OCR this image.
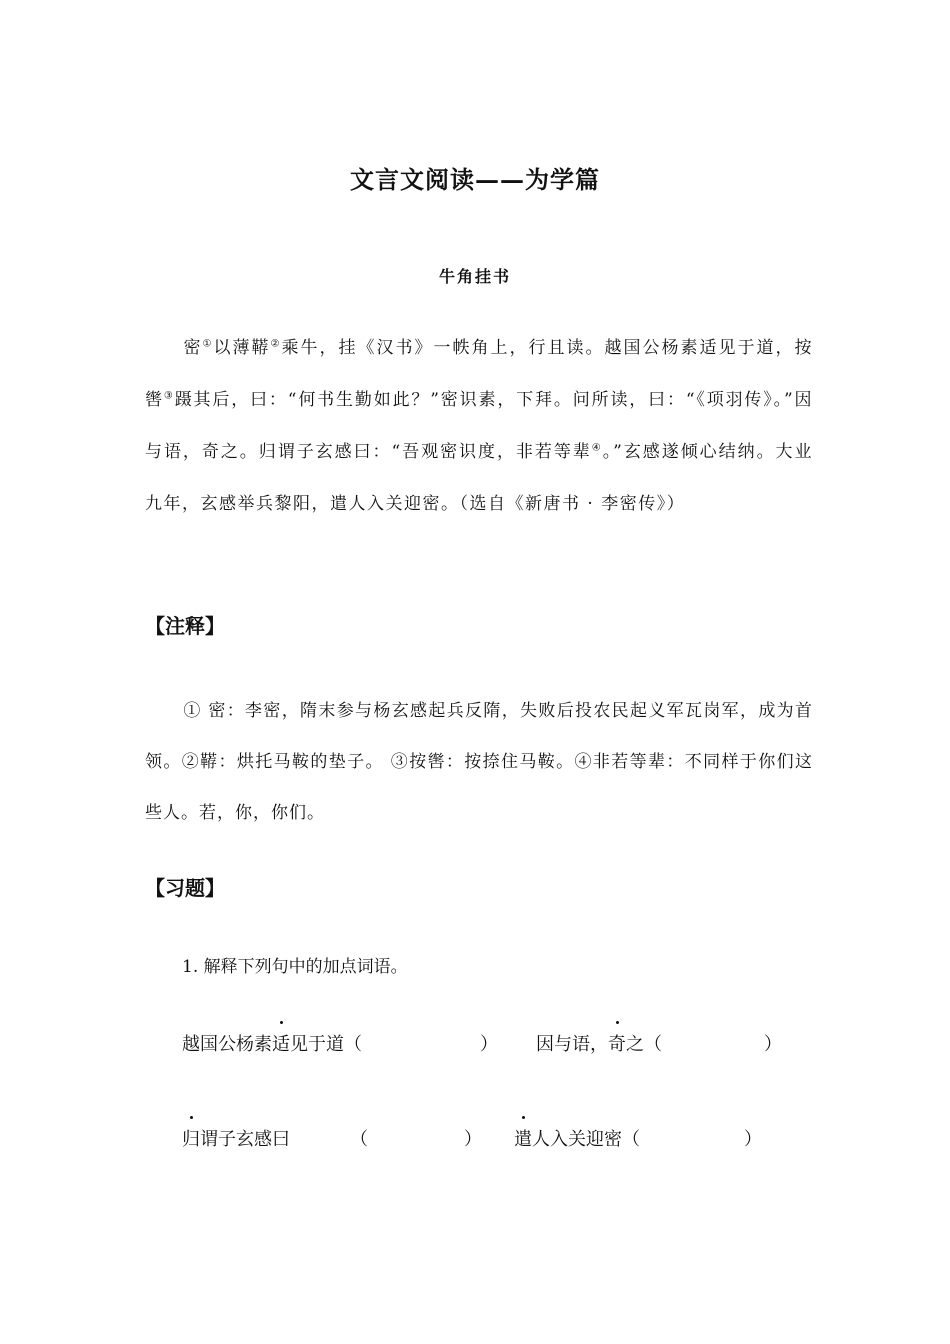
文言文阅读——为学篇
牛角挂书
密①以薄鞯②乘牛，挂《汉书》一帙角上，行且读。越国公杨素适见于道，按辔③蹑其后，曰：“何书生勤如此？”密识素，下拜。问所读，曰：“《项羽传》。”因与语，奇之。归谓子玄感曰：“吾观密识度，非若等辈④。”玄感遂倾心结纳。大业九年，玄感举兵黎阳，遣人入关迎密。（选自《新唐书 · 李密传》）
【注释】
① 密：李密，隋末参与杨玄感起兵反隋，失败后投农民起义军瓦岗军，成为首领。②鞯：烘托马鞍的垫子。 ③按辔：按捺住马鞍。④非若等辈：不同样于你们这些人。若，你，你们。
【习题】
1. 解释下列句中的加点词语。
越国公杨素适见于道（	） 因与语，奇之（	）
归谓子玄感曰	（	） 遣人入关迎密（	）
